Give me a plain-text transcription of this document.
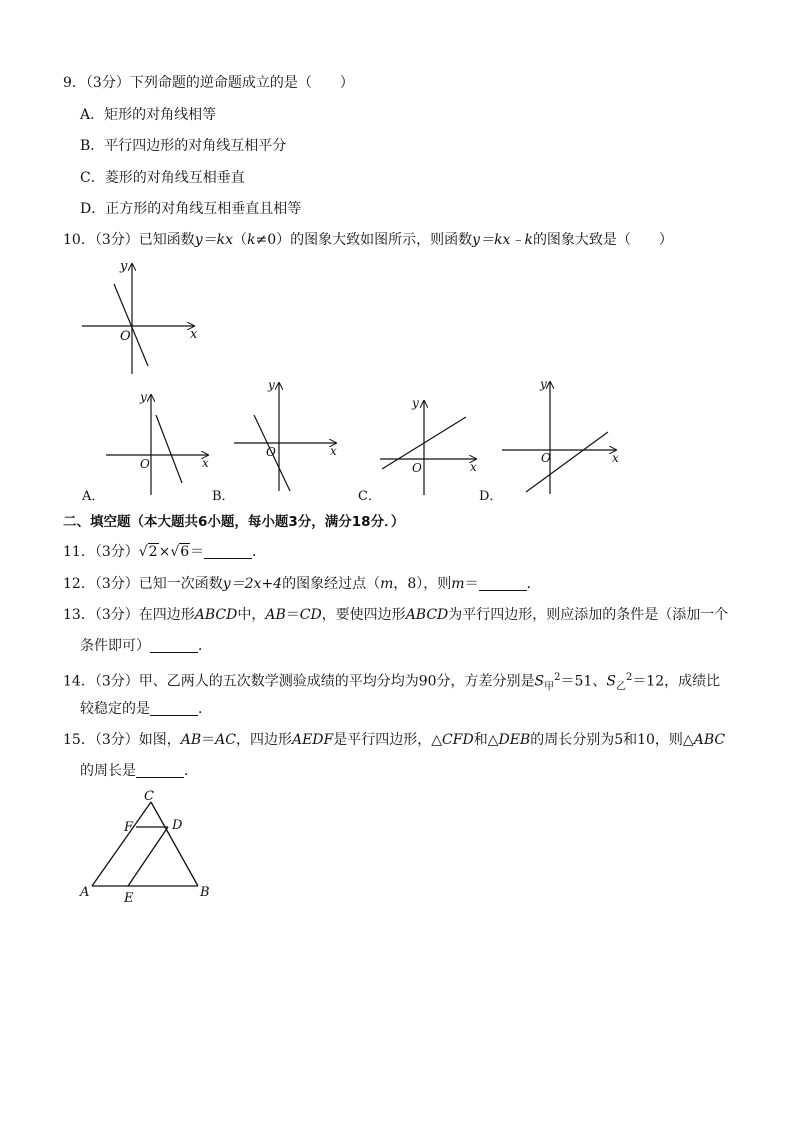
9．（3分）下列命题的逆命题成立的是（　　）
A．矩形的对角线相等
B．平行四边形的对角线互相平分
C．菱形的对角线互相垂直
D．正方形的对角线互相垂直且相等
10．（3分）已知函数y＝kx（k≠0）的图象大致如图所示，则函数y＝kx﹣k的图象大致是（　　）
y
x
O
y
x
O
A．
y
x
O
B．
y
x
O
C．
y
x
O
D．
二、填空题（本大题共6小题，每小题3分，满分18分．）
11．（3分）√2×√6＝	．
12．（3分）已知一次函数y＝2x+4的图象经过点（m，8），则m＝	．
13．（3分）在四边形ABCD中，AB＝CD，要使四边形ABCD为平行四边形，则应添加的条件是（添加一个
条件即可）	．
14．（3分）甲、乙两人的五次数学测验成绩的平均分均为90分，方差分别是$S_甲^2=51$、$S_乙^2=12$，成绩比
较稳定的是	．
15．（3分）如图，AB＝AC，四边形AEDF是平行四边形，△CFD和△DEB的周长分别为5和10，则△ABC
的周长是	．
C
F	D
A	E	B
